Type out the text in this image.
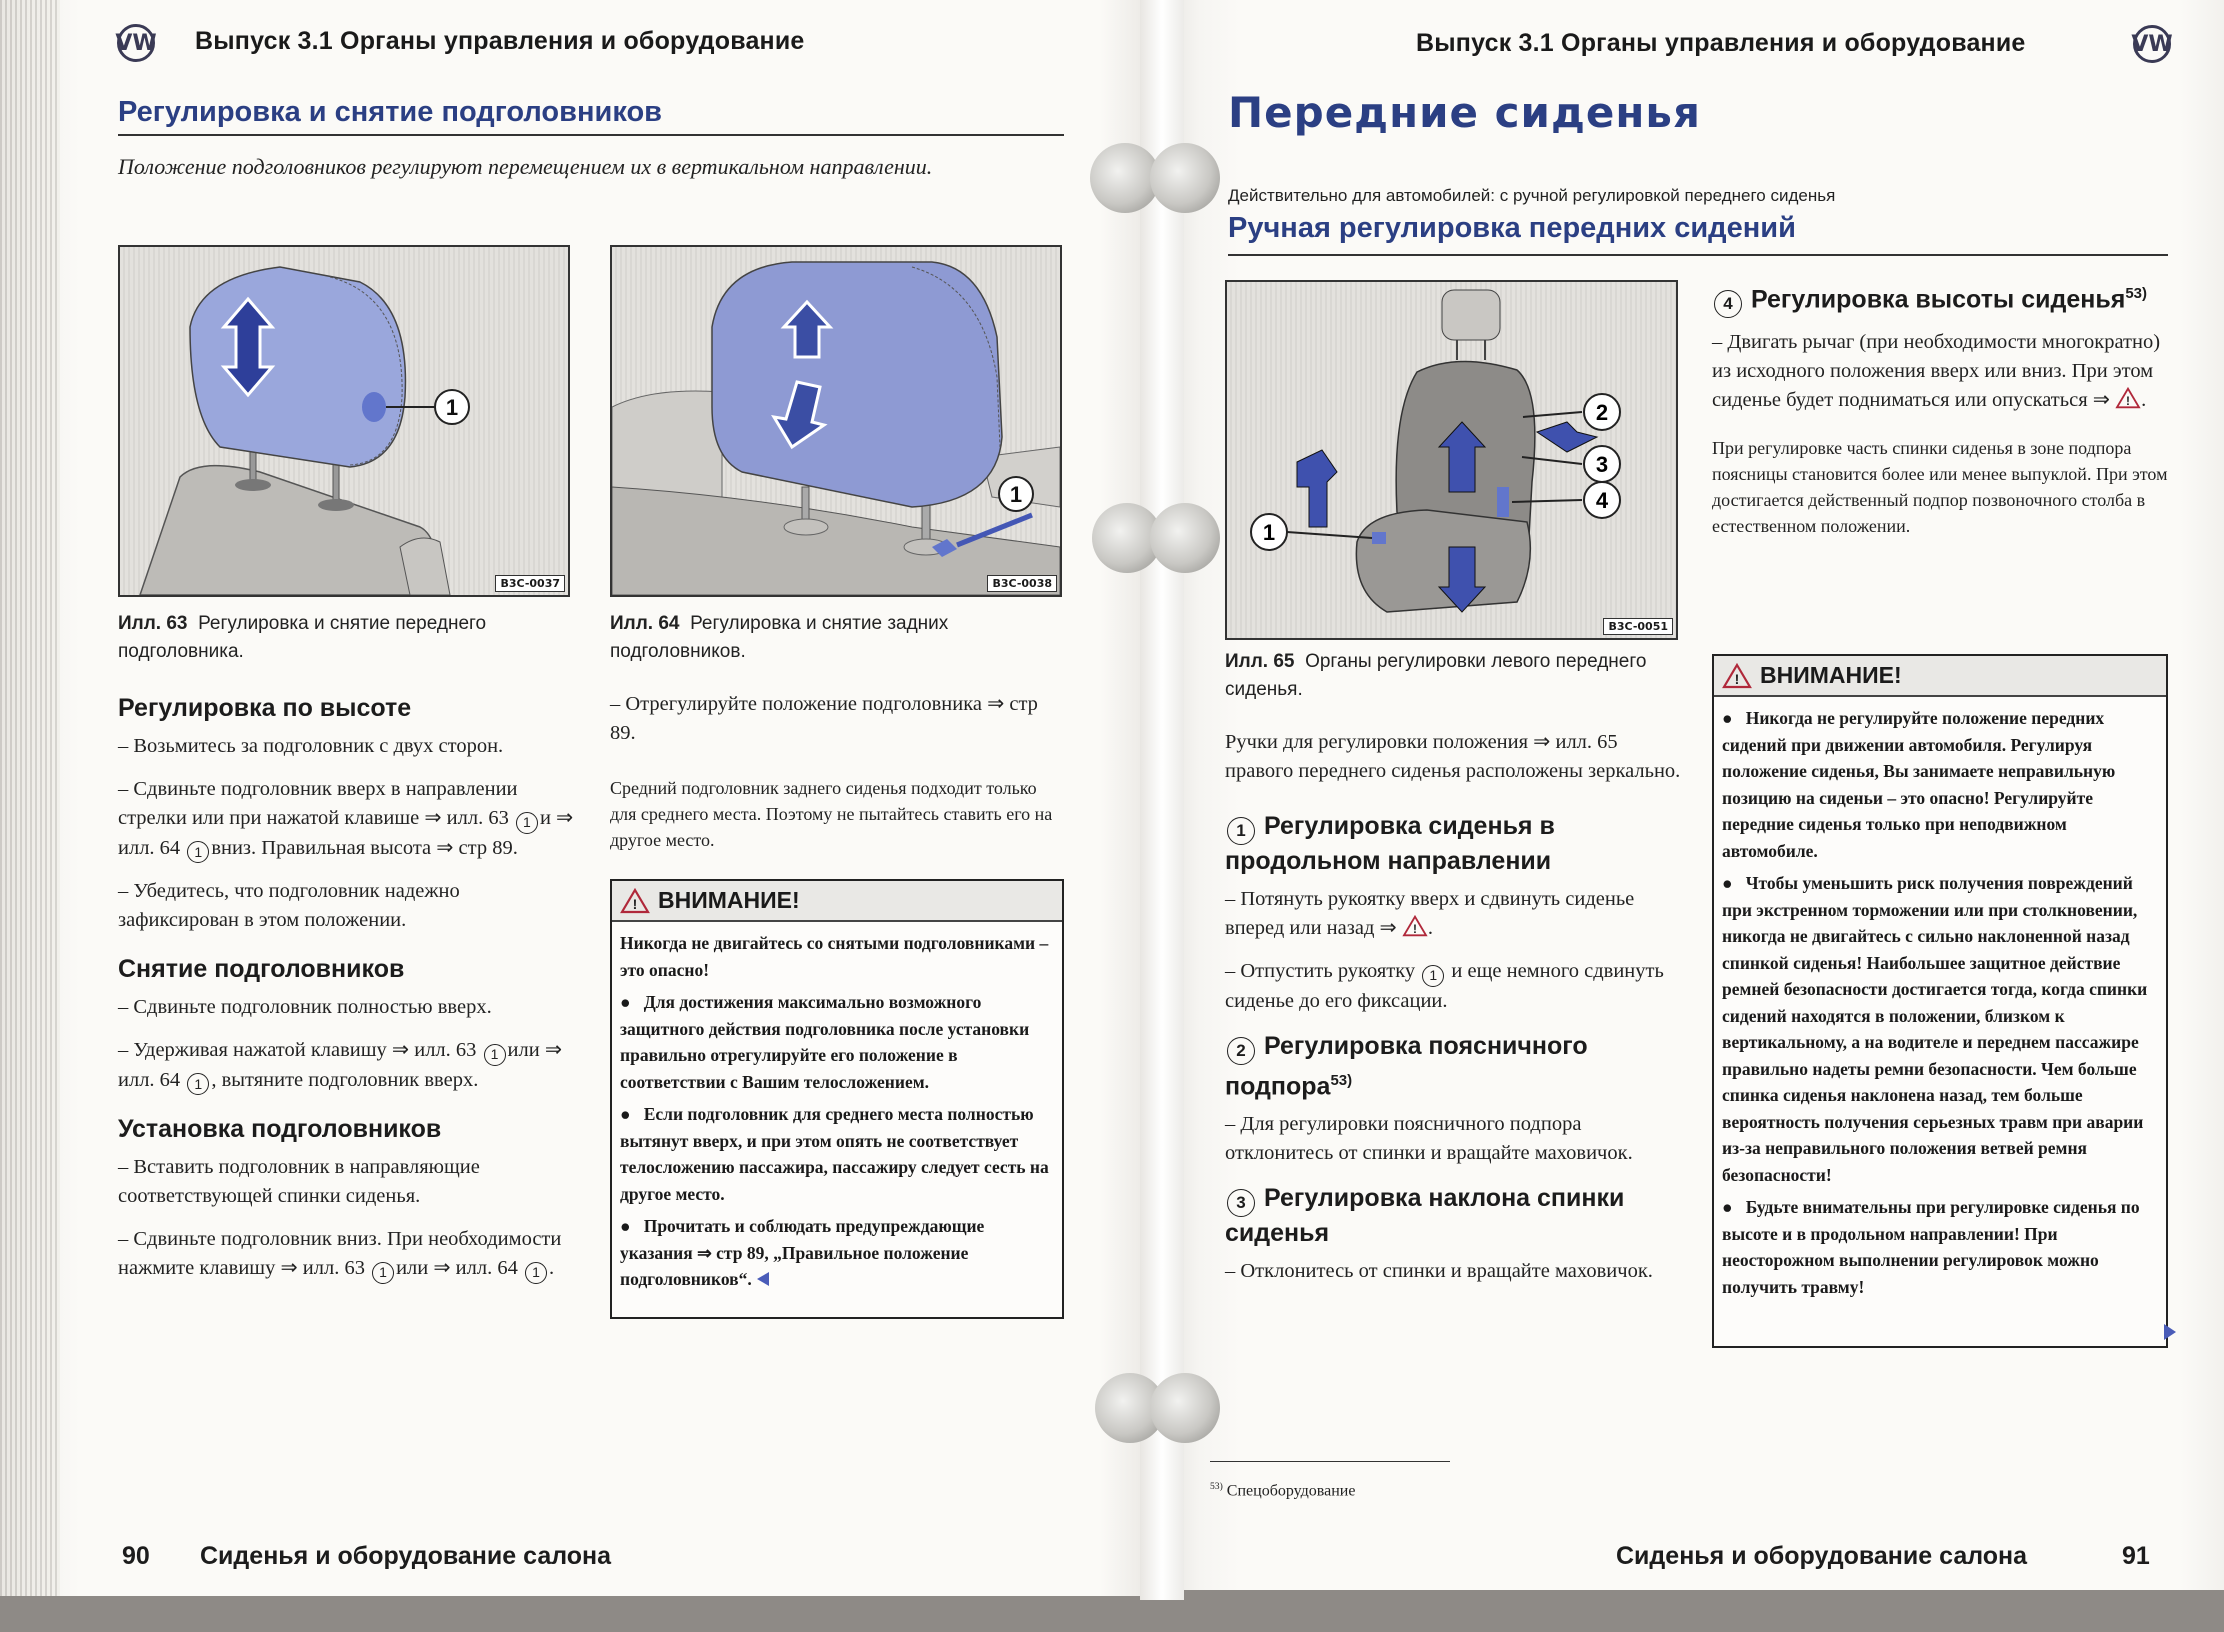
VW Выпуск 3.1 Органы управления и оборудование
Регулировка и снятие подголовников
Положение подголовников регулируют перемещением их в вертикальном направлении.
1
B3C-0037
1
B3C-0038
Илл. 63 Регулировка и снятие переднего подголовника.
Илл. 64 Регулировка и снятие задних подголовников.
Регулировка по высоте

– Возьмитесь за подголовник с двух сторон.

– Сдвиньте подголовник вверх в направлении стрелки или при нажатой клавише ⇒ илл. 63 1 и ⇒ илл. 64 1 вниз. Правильная высота ⇒ стр 89.

– Убедитесь, что подголовник надежно зафиксирован в этом положении.

Снятие подголовников

– Сдвиньте подголовник полностью вверх.

– Удерживая нажатой клавишу ⇒ илл. 63 1 или ⇒ илл. 64 1 , вытяните подголовник вверх.

Установка подголовников

– Вставить подголовник в направляющие соответствующей спинки сиденья.

– Сдвиньте подголовник вниз. При необходимости нажмите клавишу ⇒ илл. 63 1 или ⇒ илл. 64 1 .

– Отрегулируйте положение подголовника ⇒ стр 89.
Средний подголовник заднего сиденья подходит только для среднего места. Поэтому не пытайтесь ставить его на другое место.
! ВНИМАНИЕ!

Никогда не двигайтесь со снятыми подголовниками – это опасно!

●   Для достижения максимально возможного защитного действия подголовника после установки правильно отрегулируйте его положение в соответствии с Вашим телосложением.

●   Если подголовник для среднего места полностью вытянут вверх, и при этом опять не соответствует телосложению пассажира, пассажиру следует сесть на другое место.

●   Прочитать и соблюдать предупреждающие указания ⇒ стр 89, „Правильное положение подголовников“.

90 Сиденья и оборудование салона
Выпуск 3.1 Органы управления и оборудование	VW
Передние сиденья
Действительно для автомобилей: с ручной регулировкой переднего сиденья
Ручная регулировка передних сидений
1
2
3
4
B3C-0051
Илл. 65 Органы регулировки левого переднего сиденья.
Ручки для регулировки положения ⇒ илл. 65 правого переднего сиденья расположены зеркально.
1 Регулировка сиденья в продольном направлении

– Потянуть рукоятку вверх и сдвинуть сиденье вперед или назад ⇒ ! .

– Отпустить рукоятку 1 и еще немного сдвинуть сиденье до его фиксации.

2 Регулировка поясничного подпора$^{53)}$

– Для регулировки поясничного подпора отклонитесь от спинки и вращайте маховичок.

3 Регулировка наклона спинки сиденья

– Отклонитесь от спинки и вращайте маховичок.

$^{53)}$ Спецоборудование
4 Регулировка высоты сиденья$^{53)}$
– Двигать рычаг (при необходимости многократно) из исходного положения вверх или вниз. При этом сиденье будет подниматься или опускаться ⇒ ! .
При регулировке часть спинки сиденья в зоне подпора поясницы становится более или менее выпуклой. При этом достигается действенный подпор позвоночного столба в естественном положении.
! ВНИМАНИЕ!

●   Никогда не регулируйте положение передних сидений при движении автомобиля. Регулируя положение сиденья, Вы занимаете неправильную позицию на сиденьи – это опасно! Регулируйте передние сиденья только при неподвижном автомобиле.

●   Чтобы уменьшить риск получения повреждений при экстренном торможении или при столкновении, никогда не двигайтесь с сильно наклоненной назад спинкой сиденья! Наибольшее защитное действие ремней безопасности достигается тогда, когда спинки сидений находятся в положении, близком к вертикальному, а на водителе и переднем пассажире правильно надеты ремни безопасности. Чем больше спинка сиденья наклонена назад, тем больше вероятность получения серьезных травм при аварии из-за неправильного положения ветвей ремня безопасности!

●   Будьте внимательны при регулировке сиденья по высоте и в продольном направлении! При неосторожном выполнении регулировок можно получить травму!

Сиденья и оборудование салона	91
